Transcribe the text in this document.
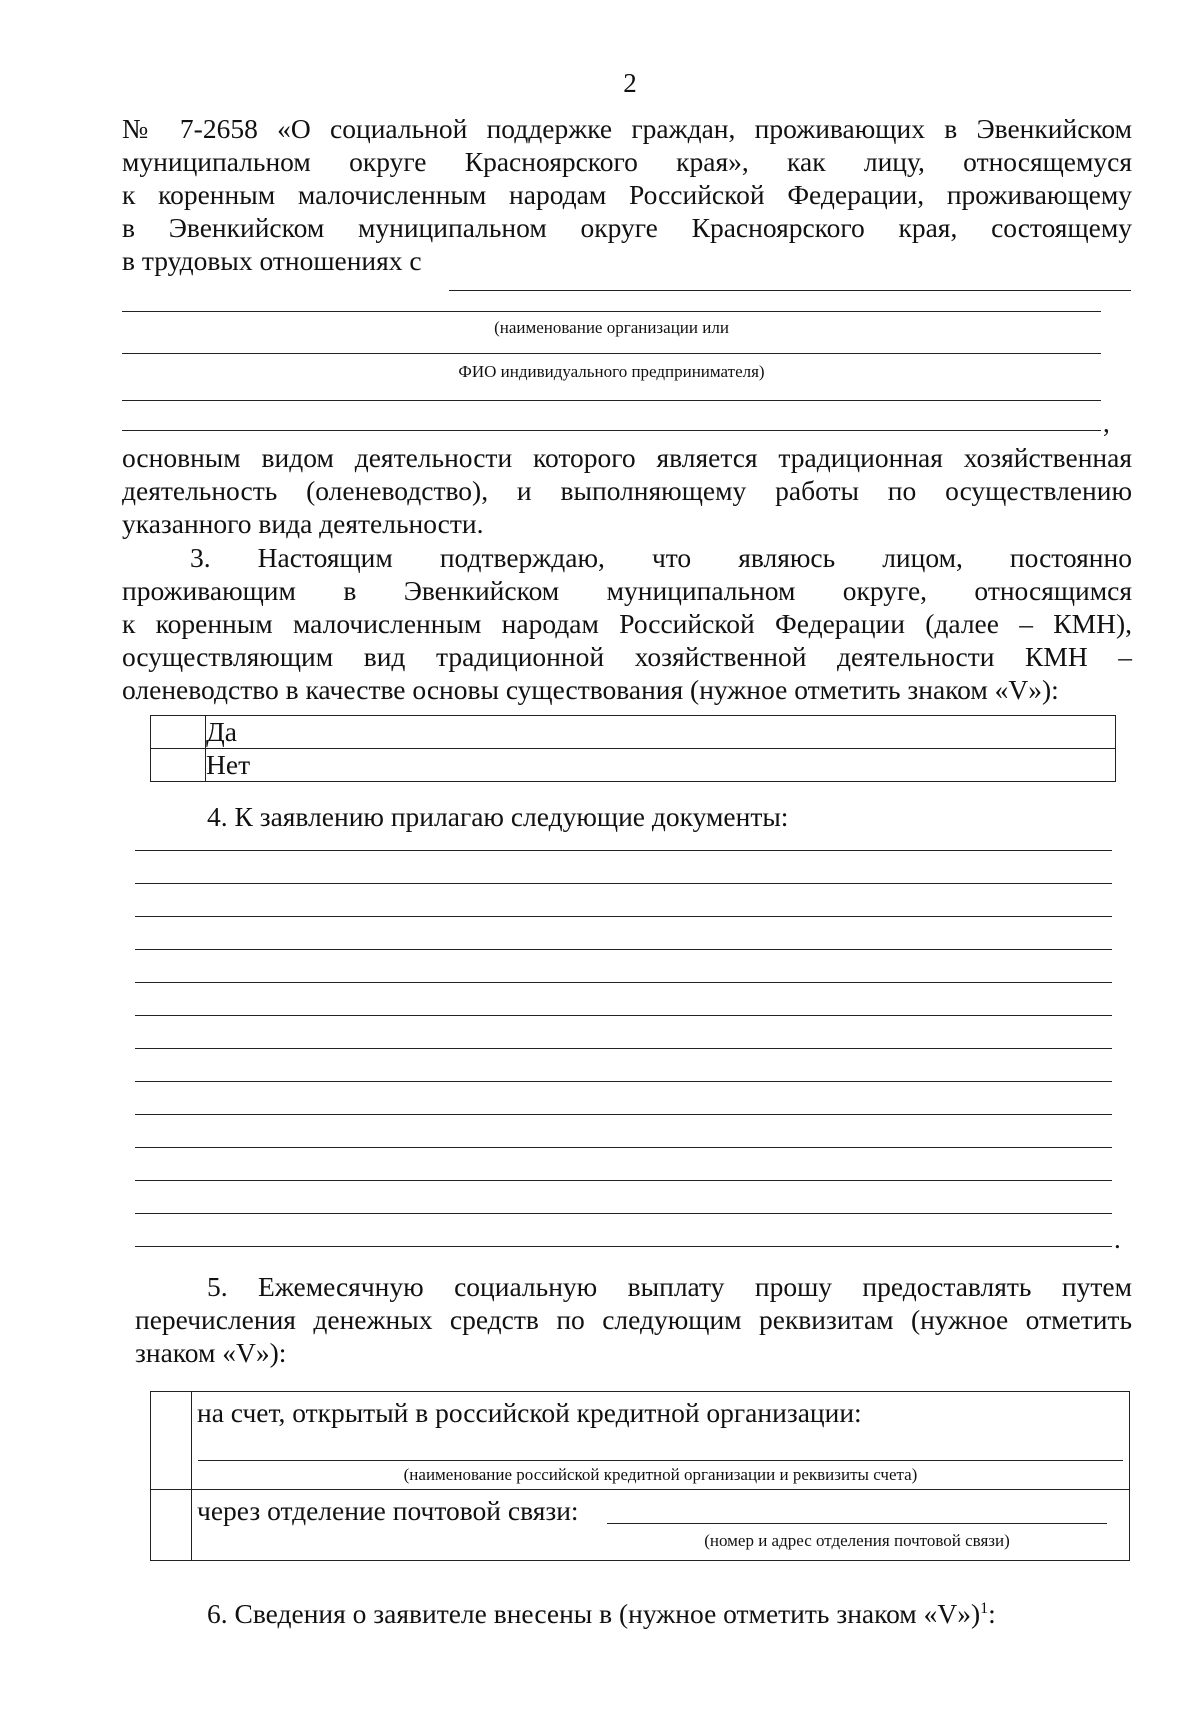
2
№ 7-2658 «О социальной поддержке граждан, проживающих в Эвенкийском
муниципальном округе Красноярского края», как лицу, относящемуся
к коренным малочисленным народам Российской Федерации, проживающему
в Эвенкийском муниципальном округе Красноярского края, состоящему
в трудовых отношениях с
(наименование организации или
ФИО индивидуального предпринимателя)
,
основным видом деятельности которого является традиционная хозяйственная
деятельность (оленеводство), и выполняющему работы по осуществлению
указанного вида деятельности.
3. Настоящим подтверждаю, что являюсь лицом, постоянно
проживающим в Эвенкийском муниципальном округе, относящимся
к коренным малочисленным народам Российской Федерации (далее – КМН),
осуществляющим вид традиционной хозяйственной деятельности КМН –
оленеводство в качестве основы существования (нужное отметить знаком «V»):
	Да
	Нет
4. К заявлению прилагаю следующие документы:
.
5. Ежемесячную социальную выплату прошу предоставлять путем
перечисления денежных средств по следующим реквизитам (нужное отметить
знаком «V»):

	на счет, открытый в российской кредитной организации:
(наименование российской кредитной организации и реквизиты счета)

	через отделение почтовой связи:
(номер и адрес отделения почтовой связи)
6. Сведения о заявителе внесены в (нужное отметить знаком «V»)$^1$:
